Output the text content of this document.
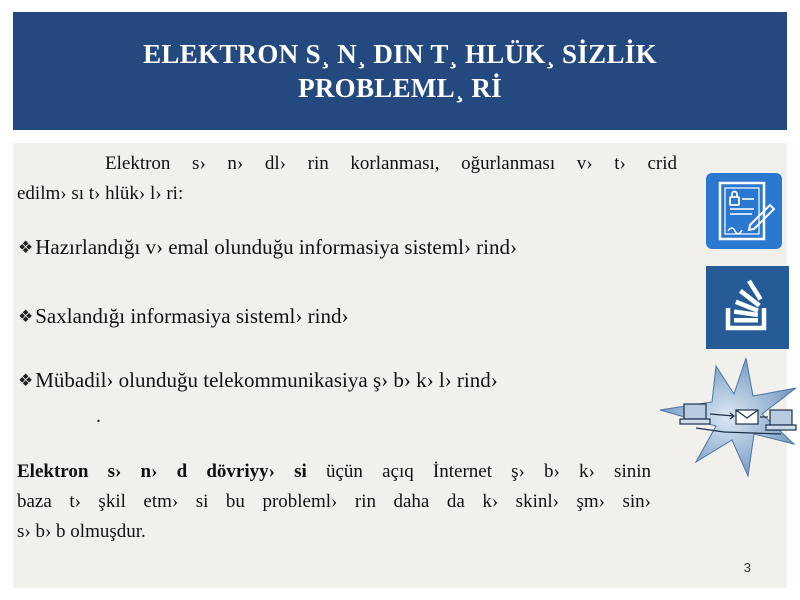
ELEKTRON S¸ N¸ DIN T¸ HLÜK¸ SİZLİK
PROBLEML¸ Rİ
Elektron s› n› dl› rin korlanması, oğurlanması v› t› crid
edilm› sı t› hlük› l› ri:
❖ Hazırlandığı v› emal olunduğu informasiya sisteml› rind›
❖ Saxlandığı informasiya sisteml› rind›
❖ Mübadil› olunduğu telekommunikasiya ş› b› k› l› rind›
.
Elektron s› n› d dövriyy› si üçün açıq İnternet ş› b› k› sinin
baza t› şkil etm› si bu probleml› rin daha da k› skinl› şm› sin›
s› b› b olmuşdur.
3
